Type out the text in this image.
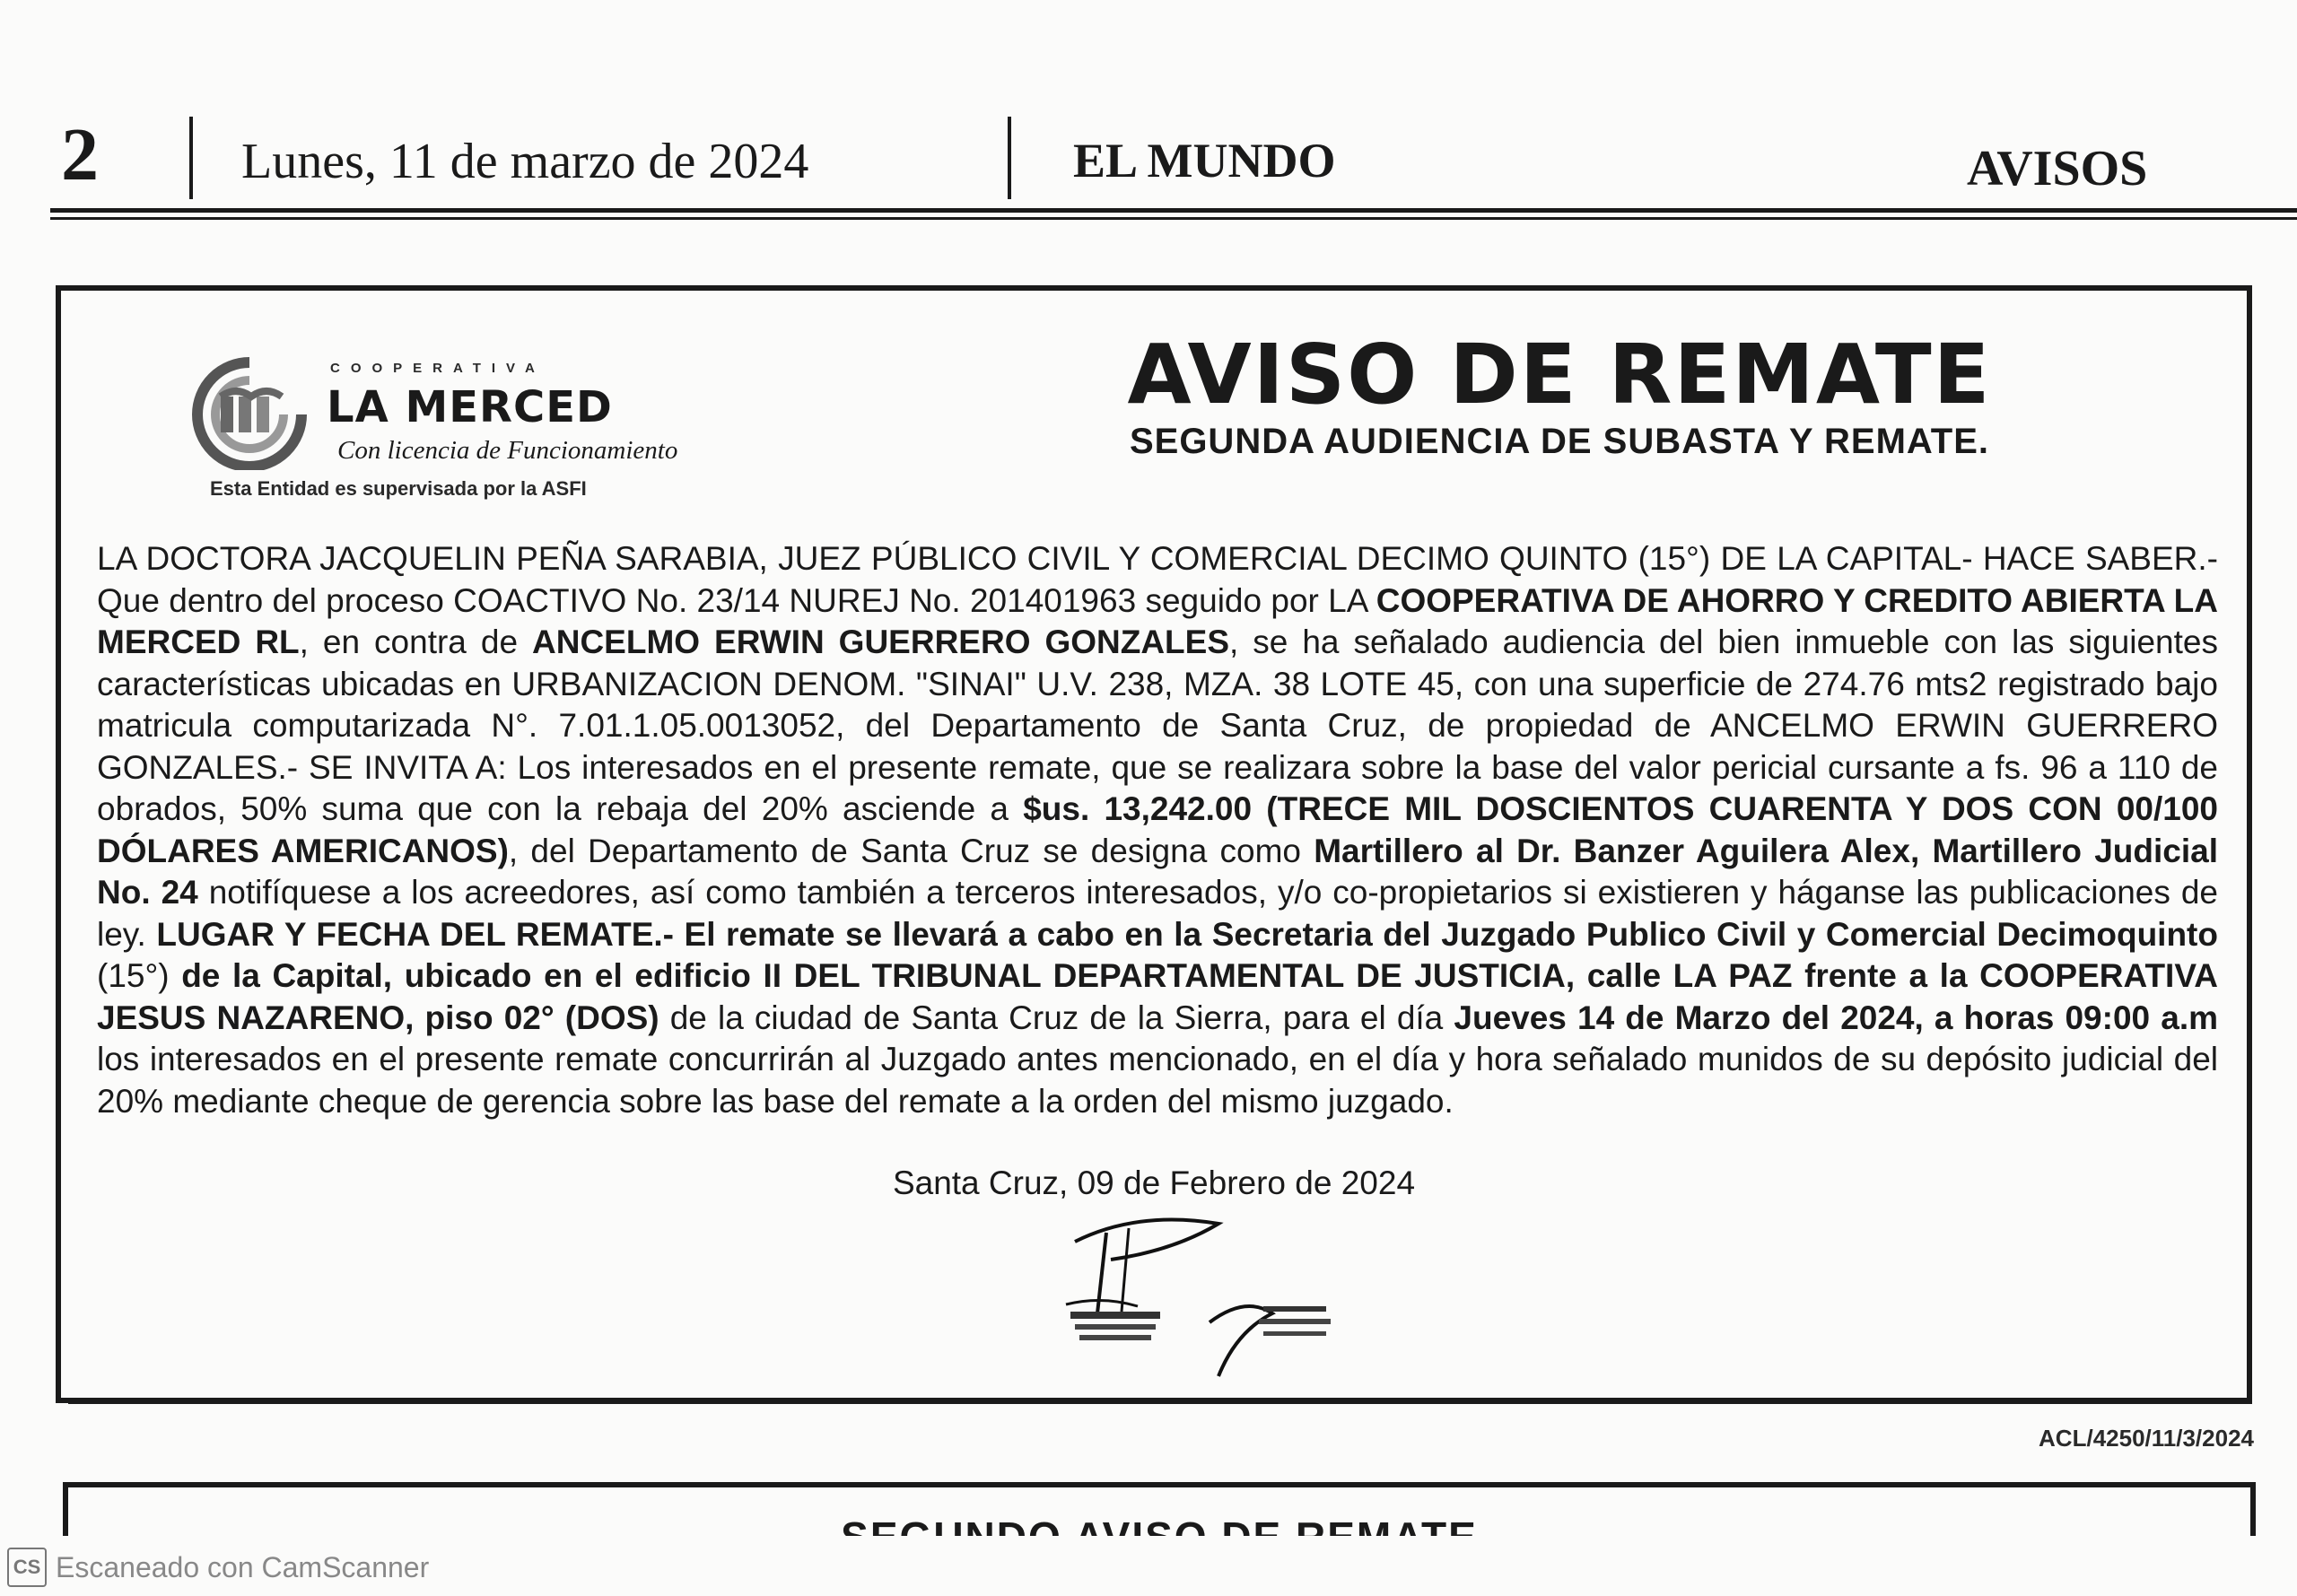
2	Lunes, 11 de marzo de 2024	EL MUNDO	AVISOS
COOPERATIVA
LA MERCED
Con licencia de Funcionamiento
Esta Entidad es supervisada por la ASFI
AVISO DE REMATE
SEGUNDA AUDIENCIA DE SUBASTA Y REMATE.
LA DOCTORA JACQUELIN PEÑA SARABIA, JUEZ PÚBLICO CIVIL Y COMERCIAL DECIMO QUINTO (15°) DE LA CAPITAL- HACE SABER.- Que dentro del proceso COACTIVO No. 23/14 NUREJ No. 201401963 seguido por LA COOPERATIVA DE AHORRO Y CREDITO ABIERTA LA MERCED RL, en contra de ANCELMO ERWIN GUERRERO GONZALES, se ha señalado audiencia del bien inmueble con las siguientes características ubicadas en URBANIZACION DENOM. "SINAI" U.V. 238, MZA. 38 LOTE 45, con una superficie de 274.76 mts2 registrado bajo matricula computarizada N°. 7.01.1.05.0013052, del Departamento de Santa Cruz, de propiedad de ANCELMO ERWIN GUERRERO GONZALES.- SE INVITA A: Los interesados en el presente remate, que se realizara sobre la base del valor pericial cursante a fs. 96 a 110 de obrados, 50% suma que con la rebaja del 20% asciende a $us. 13,242.00 (TRECE MIL DOSCIENTOS CUARENTA Y DOS CON 00/100 DÓLARES AMERICANOS), del Departamento de Santa Cruz se designa como Martillero al Dr. Banzer Aguilera Alex, Martillero Judicial No. 24 notifíquese a los acreedores, así como también a terceros interesados, y/o co-propietarios si existieren y háganse las publicaciones de ley. LUGAR Y FECHA DEL REMATE.- El remate se llevará a cabo en la Secretaria del Juzgado Publico Civil y Comercial Decimoquinto (15°) de la Capital, ubicado en el edificio II DEL TRIBUNAL DEPARTAMENTAL DE JUSTICIA, calle LA PAZ frente a la COOPERATIVA JESUS NAZARENO, piso 02° (DOS) de la ciudad de Santa Cruz de la Sierra, para el día Jueves 14 de Marzo del 2024, a horas 09:00 a.m los interesados en el presente remate concurrirán al Juzgado antes mencionado, en el día y hora señalado munidos de su depósito judicial del 20% mediante cheque de gerencia sobre las base del remate a la orden del mismo juzgado.
Santa Cruz, 09 de Febrero de 2024
ACL/4250/11/3/2024
CS Escaneado con CamScanner
